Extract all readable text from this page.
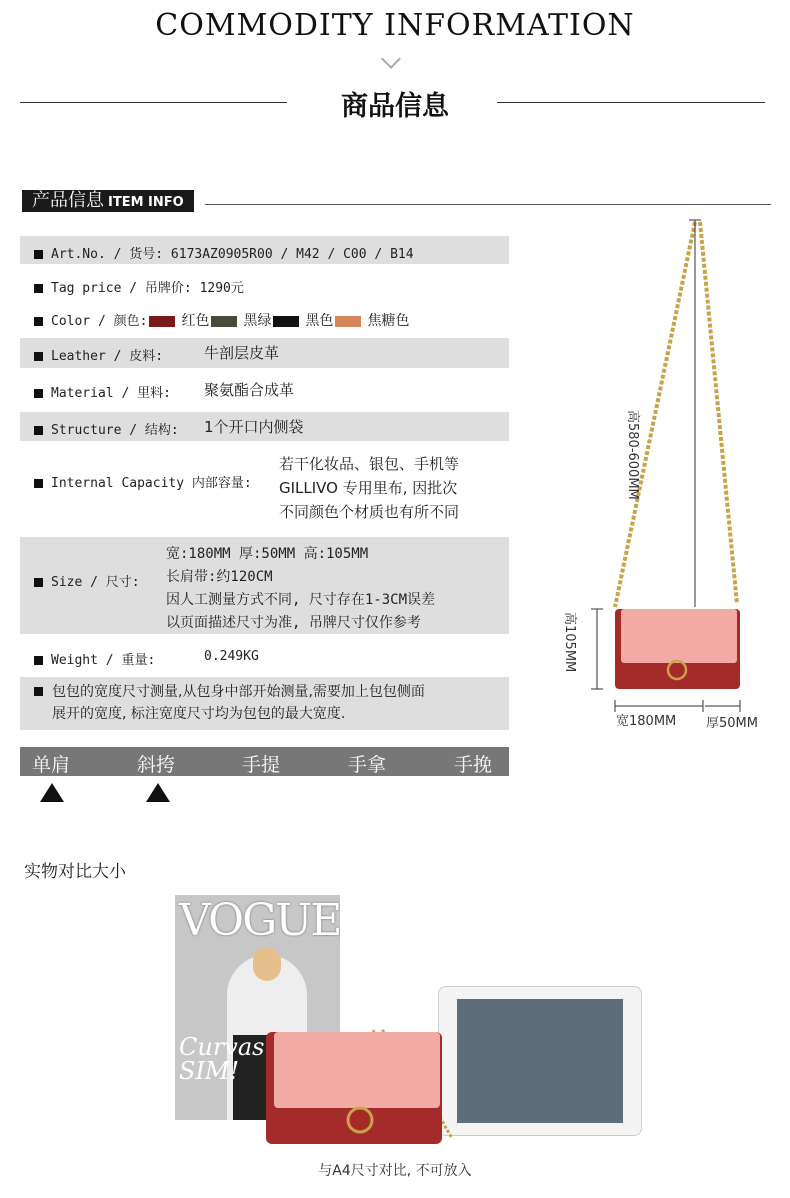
COMMODITY INFORMATION
商品信息
产品信息 ITEM INFO
Art.No. / 货号: 6173AZ0905R00 / M42 / C00 / B14
Tag price / 吊牌价: 1290元
Color / 颜色: 红色 黑绿 黑色 焦糖色
Leather / 皮料:	牛剖层皮革
Material / 里料: 聚氨酯合成革
Structure / 结构: 1个开口内侧袋
Internal Capacity 内部容量:
若干化妆品、银包、手机等
GILLIVO 专用里布, 因批次
不同颜色个材质也有所不同
Size / 尺寸:
宽:180MM 厚:50MM 高:105MM
长肩带:约120CM
因人工测量方式不同, 尺寸存在1-3CM误差
以页面描述尺寸为准, 吊牌尺寸仅作参考
Weight / 重量:	0.249KG
包包的宽度尺寸测量,从包身中部开始测量,需要加上包包侧面
展开的宽度, 标注宽度尺寸均为包包的最大宽度.
单肩	斜挎	手提	手拿	手挽
高580-600MM
高105MM
宽180MM 厚50MM
实物对比大小
VOGUE
Curvas SIM!
与A4尺寸对比, 不可放入
